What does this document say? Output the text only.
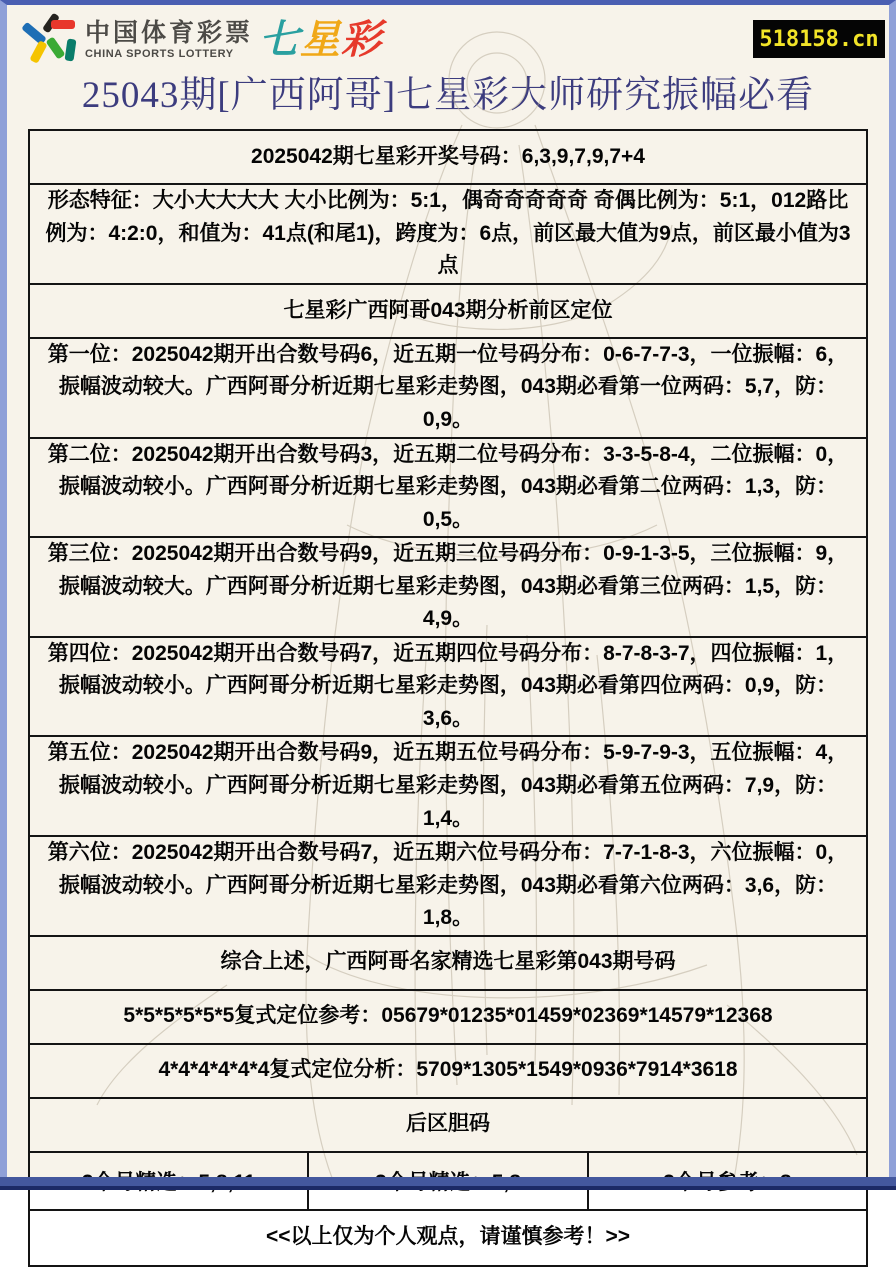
中国体育彩票
CHINA SPORTS LOTTERY 七星彩	518158.cn
25043期[广西阿哥]七星彩大师研究振幅必看
2025042期七星彩开奖号码：6,3,9,7,9,7+4
形态特征：大小大大大大 大小比例为：5:1，偶奇奇奇奇奇 奇偶比例为：5:1，012路比例为：4:2:0，和值为：41点(和尾1)，跨度为：6点，前区最大值为9点，前区最小值为3点
七星彩广西阿哥043期分析前区定位
第一位：2025042期开出合数号码6，近五期一位号码分布：0-6-7-7-3，一位振幅：6，振幅波动较大。广西阿哥分析近期七星彩走势图，043期必看第一位两码：5,7，防：0,9。
第二位：2025042期开出合数号码3，近五期二位号码分布：3-3-5-8-4，二位振幅：0，振幅波动较小。广西阿哥分析近期七星彩走势图，043期必看第二位两码：1,3，防：0,5。
第三位：2025042期开出合数号码9，近五期三位号码分布：0-9-1-3-5，三位振幅：9，振幅波动较大。广西阿哥分析近期七星彩走势图，043期必看第三位两码：1,5，防：4,9。
第四位：2025042期开出合数号码7，近五期四位号码分布：8-7-8-3-7，四位振幅：1，振幅波动较小。广西阿哥分析近期七星彩走势图，043期必看第四位两码：0,9，防：3,6。
第五位：2025042期开出合数号码9，近五期五位号码分布：5-9-7-9-3，五位振幅：4，振幅波动较小。广西阿哥分析近期七星彩走势图，043期必看第五位两码：7,9，防：1,4。
第六位：2025042期开出合数号码7，近五期六位号码分布：7-7-1-8-3，六位振幅：0，振幅波动较小。广西阿哥分析近期七星彩走势图，043期必看第六位两码：3,6，防：1,8。
综合上述，广西阿哥名家精选七星彩第043期号码
5*5*5*5*5*5复式定位参考：05679*01235*01459*02369*14579*12368
4*4*4*4*4*4复式定位分析：5709*1305*1549*0936*7914*3618
后区胆码
<<以上仅为个人观点，请谨慎参考！>>
